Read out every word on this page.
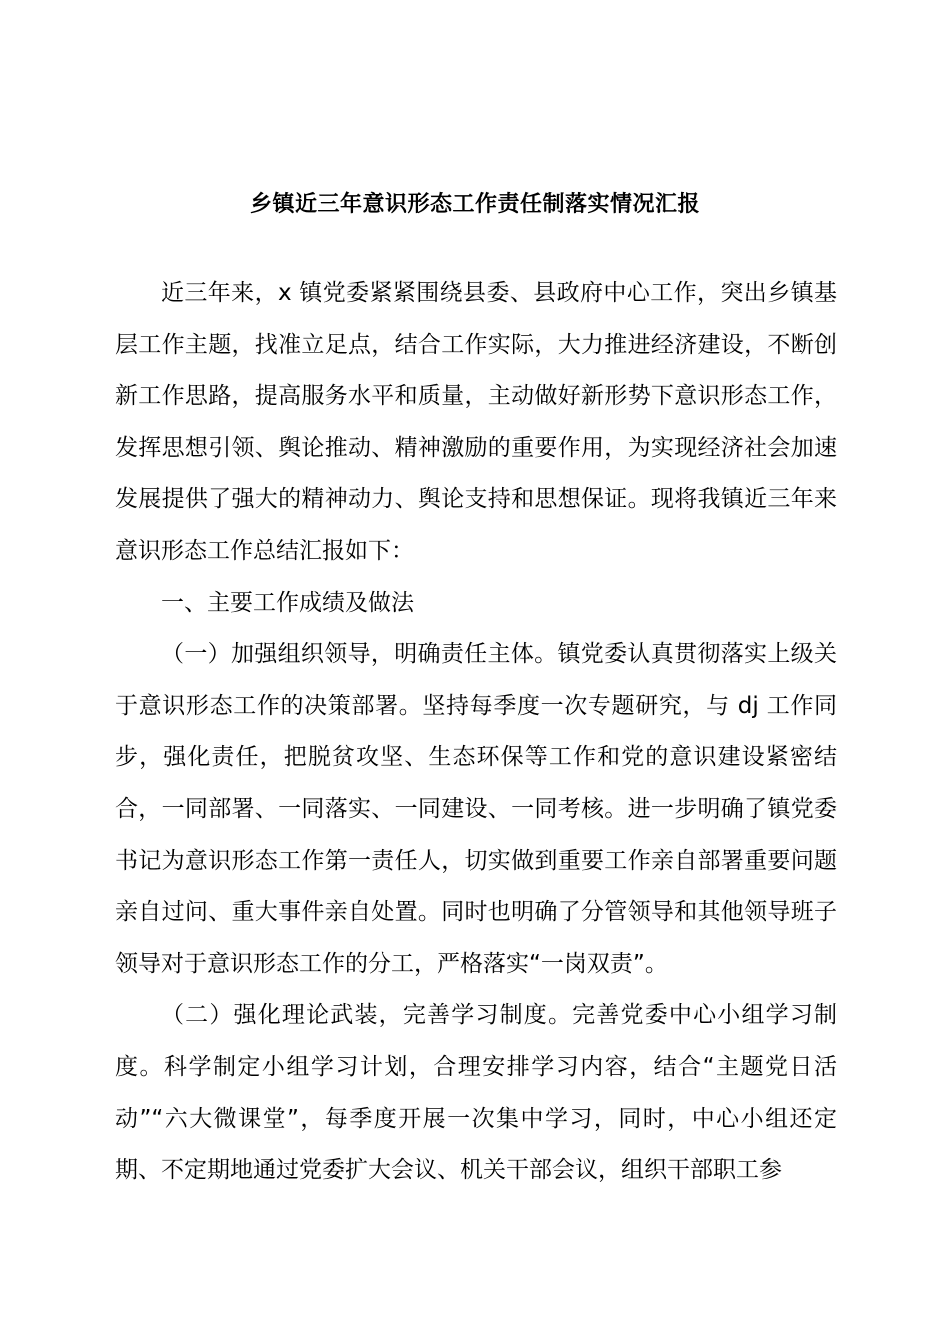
乡镇近三年意识形态工作责任制落实情况汇报

近三年来，x 镇党委紧紧围绕县委、县政府中心工作，突出乡镇基层工作主题，找准立足点，结合工作实际，大力推进经济建设，不断创新工作思路，提高服务水平和质量，主动做好新形势下意识形态工作，发挥思想引领、舆论推动、精神激励的重要作用，为实现经济社会加速发展提供了强大的精神动力、舆论支持和思想保证。现将我镇近三年来意识形态工作总结汇报如下：

一、主要工作成绩及做法

（一）加强组织领导，明确责任主体。镇党委认真贯彻落实上级关于意识形态工作的决策部署。坚持每季度一次专题研究，与 dj 工作同步，强化责任，把脱贫攻坚、生态环保等工作和党的意识建设紧密结合，一同部署、一同落实、一同建设、一同考核。进一步明确了镇党委书记为意识形态工作第一责任人，切实做到重要工作亲自部署重要问题亲自过问、重大事件亲自处置。同时也明确了分管领导和其他领导班子领导对于意识形态工作的分工，严格落实“一岗双责”。

（二）强化理论武装，完善学习制度。完善党委中心小组学习制度。科学制定小组学习计划，合理安排学习内容，结合“主题党日活动”“六大微课堂”，每季度开展一次集中学习，同时，中心小组还定期、不定期地通过党委扩大会议、机关干部会议，组织干部职工参
